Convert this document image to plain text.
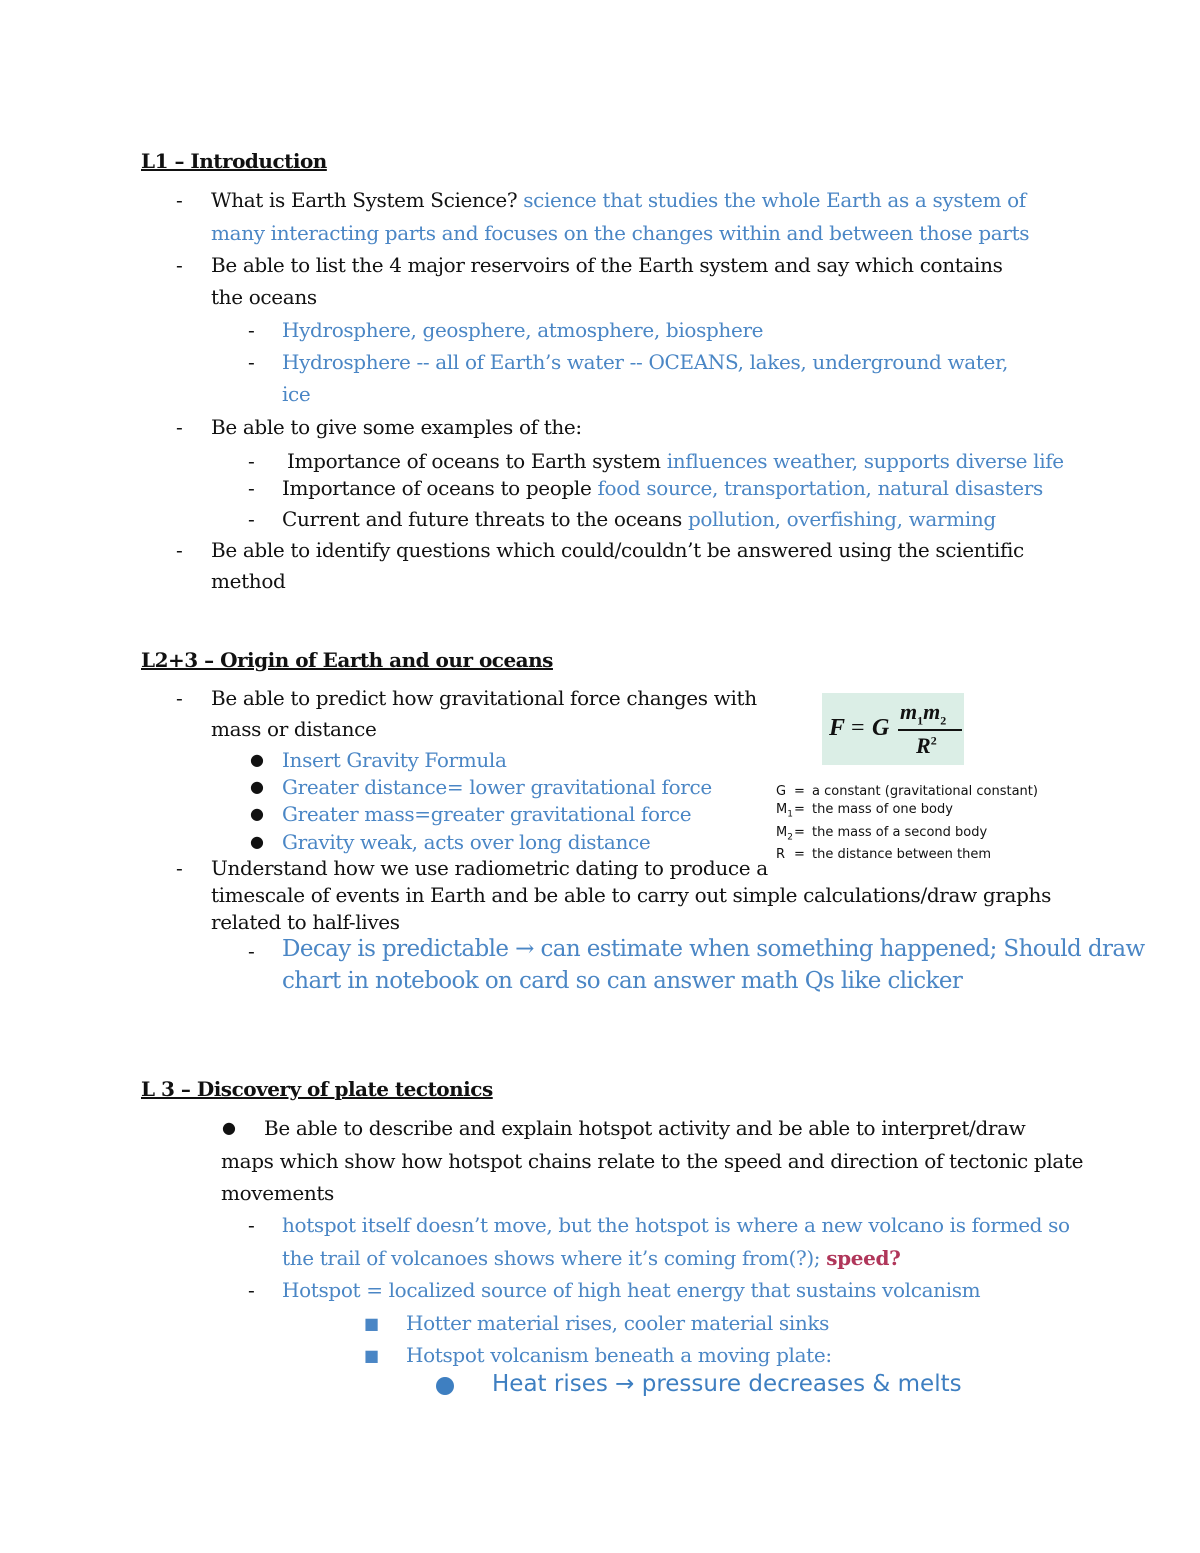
L1 – Introduction
- What is Earth System Science? science that studies the whole Earth as a system of
many interacting parts and focuses on the changes within and between those parts
- Be able to list the 4 major reservoirs of the Earth system and say which contains
the oceans
- Hydrosphere, geosphere, atmosphere, biosphere
- Hydrosphere -- all of Earth’s water -- OCEANS, lakes, underground water,
ice
- Be able to give some examples of the:
- Importance of oceans to Earth system influences weather, supports diverse life
- Importance of oceans to people food source, transportation, natural disasters
- Current and future threats to the oceans pollution, overfishing, warming
- Be able to identify questions which could/couldn’t be answered using the scientific
method
L2+3 – Origin of Earth and our oceans
- Be able to predict how gravitational force changes with
mass or distance
● Insert Gravity Formula
● Greater distance= lower gravitational force
● Greater mass=greater gravitational force
● Gravity weak, acts over long distance
- Understand how we use radiometric dating to produce a
timescale of events in Earth and be able to carry out simple calculations/draw graphs
related to half-lives
- Decay is predictable → can estimate when something happened; Should draw
chart in notebook on card so can answer math Qs like clicker
F = G
$m_1m_2$
$R^2$
G = a constant (gravitational constant)
$M_1=$ the mass of one body
$M_2=$ the mass of a second body
R = the distance between them
L 3 – Discovery of plate tectonics
● Be able to describe and explain hotspot activity and be able to interpret/draw
maps which show how hotspot chains relate to the speed and direction of tectonic plate
movements
- hotspot itself doesn’t move, but the hotspot is where a new volcano is formed so
the trail of volcanoes shows where it’s coming from(?); speed?
- Hotspot = localized source of high heat energy that sustains volcanism
■ Hotter material rises, cooler material sinks
■ Hotspot volcanism beneath a moving plate:
Heat rises → pressure decreases & melts
